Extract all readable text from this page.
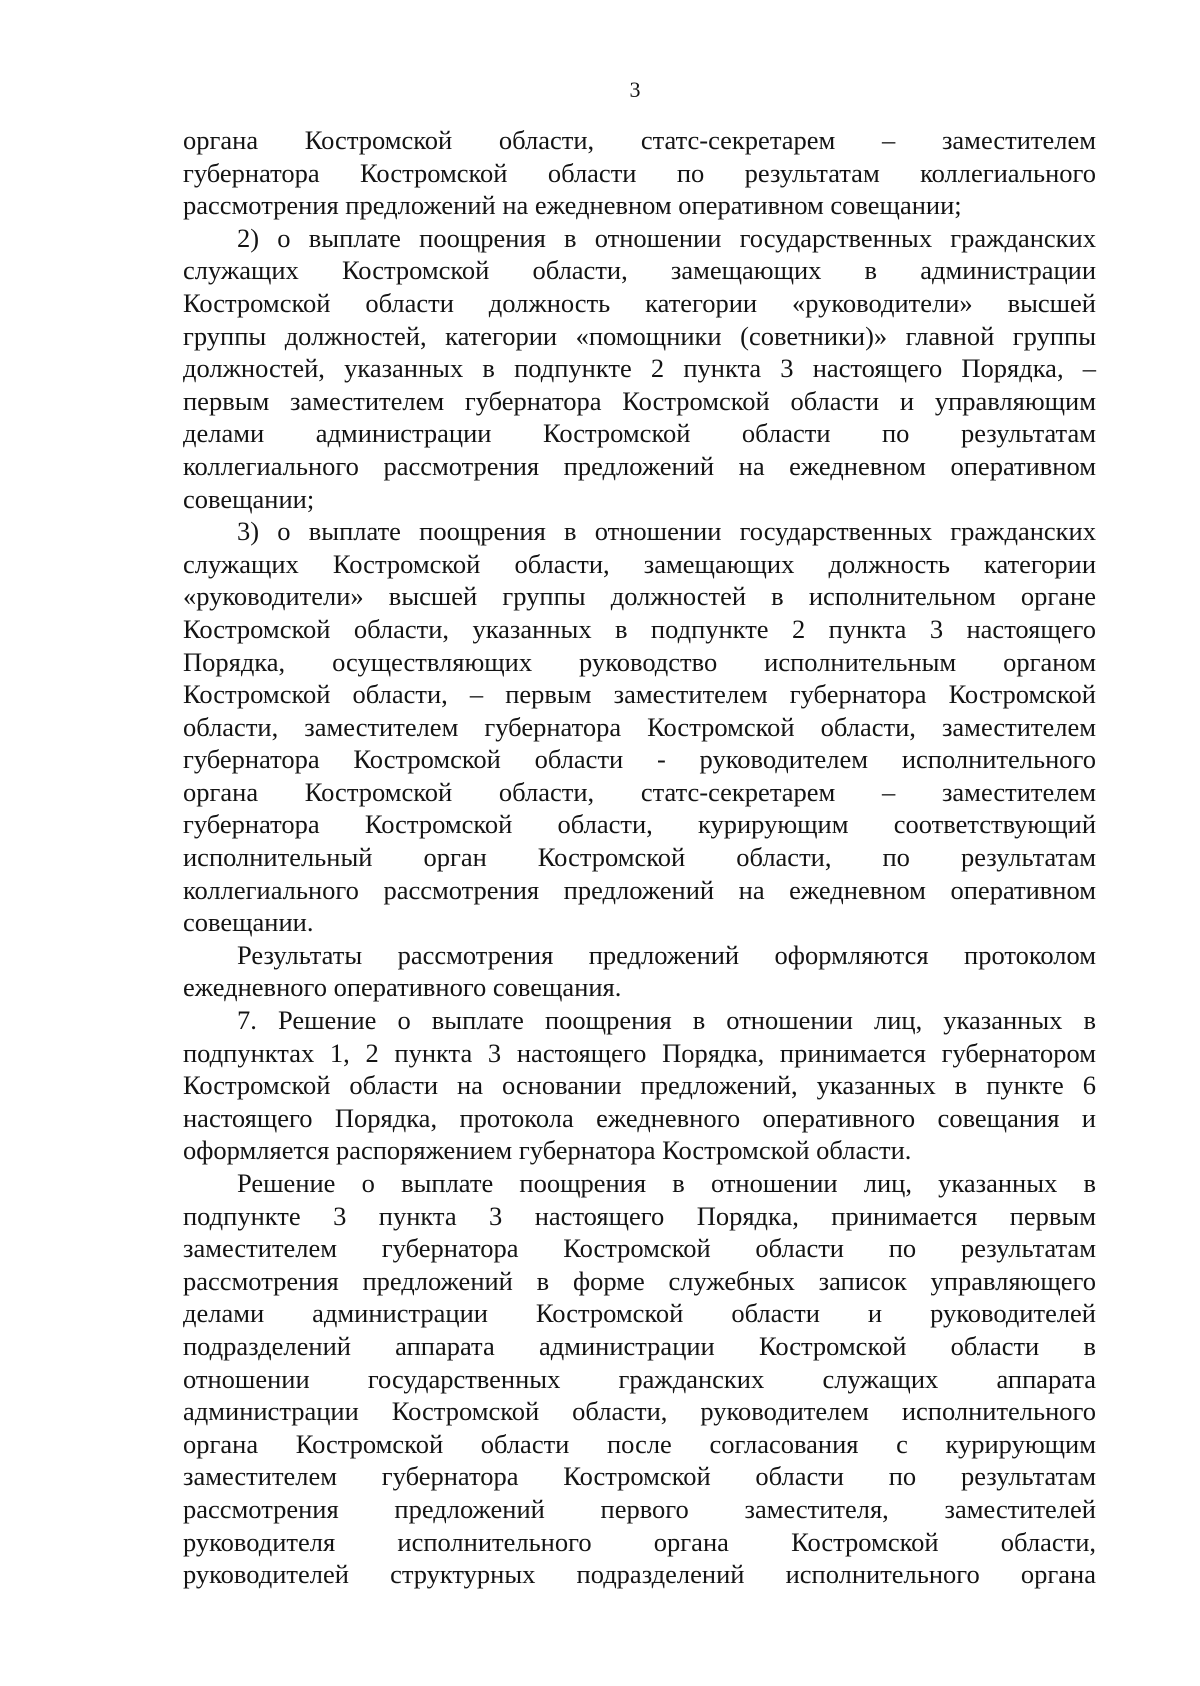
3
органа Костромской области, статс-секретарем – заместителем
губернатора Костромской области по результатам коллегиального
рассмотрения предложений на ежедневном оперативном совещании;
2) о выплате поощрения в отношении государственных гражданских
служащих Костромской области, замещающих в администрации
Костромской области должность категории «руководители» высшей
группы должностей, категории «помощники (советники)» главной группы
должностей, указанных в подпункте 2 пункта 3 настоящего Порядка, –
первым заместителем губернатора Костромской области и управляющим
делами администрации Костромской области по результатам
коллегиального рассмотрения предложений на ежедневном оперативном
совещании;
3) о выплате поощрения в отношении государственных гражданских
служащих Костромской области, замещающих должность категории
«руководители» высшей группы должностей в исполнительном органе
Костромской области, указанных в подпункте 2 пункта 3 настоящего
Порядка, осуществляющих руководство исполнительным органом
Костромской области, – первым заместителем губернатора Костромской
области, заместителем губернатора Костромской области, заместителем
губернатора Костромской области - руководителем исполнительного
органа Костромской области, статс-секретарем – заместителем
губернатора Костромской области, курирующим соответствующий
исполнительный орган Костромской области, по результатам
коллегиального рассмотрения предложений на ежедневном оперативном
совещании.
Результаты рассмотрения предложений оформляются протоколом
ежедневного оперативного совещания.
7. Решение о выплате поощрения в отношении лиц, указанных в
подпунктах 1, 2 пункта 3 настоящего Порядка, принимается губернатором
Костромской области на основании предложений, указанных в пункте 6
настоящего Порядка, протокола ежедневного оперативного совещания и
оформляется распоряжением губернатора Костромской области.
Решение о выплате поощрения в отношении лиц, указанных в
подпункте 3 пункта 3 настоящего Порядка, принимается первым
заместителем губернатора Костромской области по результатам
рассмотрения предложений в форме служебных записок управляющего
делами администрации Костромской области и руководителей
подразделений аппарата администрации Костромской области в
отношении государственных гражданских служащих аппарата
администрации Костромской области, руководителем исполнительного
органа Костромской области после согласования с курирующим
заместителем губернатора Костромской области по результатам
рассмотрения предложений первого заместителя, заместителей
руководителя исполнительного органа Костромской области,
руководителей структурных подразделений исполнительного органа
